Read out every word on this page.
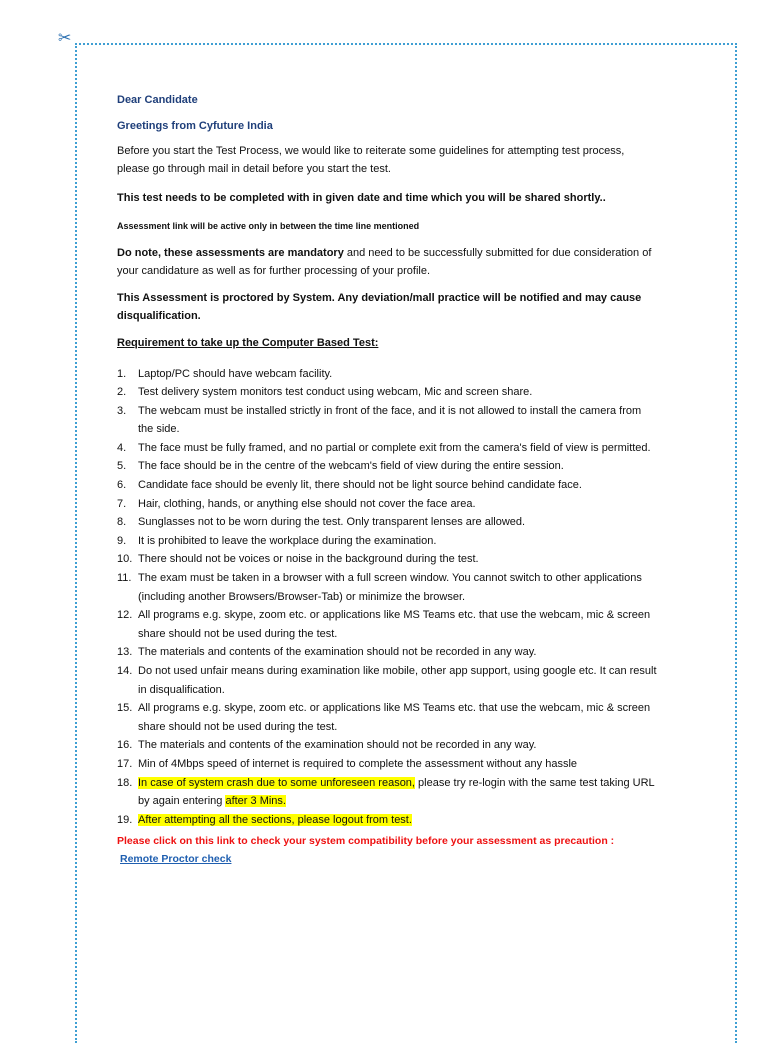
✂

Dear Candidate

Greetings from Cyfuture India

Before you start the Test Process, we would like to reiterate some guidelines for attempting test process, please go through mail in detail before you start the test.

This test needs to be completed with in given date and time which you will be shared shortly..

Assessment link will be active only in between the time line mentioned

Do note, these assessments are mandatory and need to be successfully submitted for due consideration of your candidature as well as for further processing of your profile.

This Assessment is proctored by System. Any deviation/mall practice will be notified and may cause disqualification.

Requirement to take up the Computer Based Test:

1. Laptop/PC should have webcam facility.
2. Test delivery system monitors test conduct using webcam, Mic and screen share.
3. The webcam must be installed strictly in front of the face, and it is not allowed to install the camera from the side.
4. The face must be fully framed, and no partial or complete exit from the camera's field of view is permitted.
5. The face should be in the centre of the webcam's field of view during the entire session.
6. Candidate face should be evenly lit, there should not be light source behind candidate face.
7. Hair, clothing, hands, or anything else should not cover the face area.
8. Sunglasses not to be worn during the test. Only transparent lenses are allowed.
9. It is prohibited to leave the workplace during the examination.
10. There should not be voices or noise in the background during the test.
11. The exam must be taken in a browser with a full screen window. You cannot switch to other applications (including another Browsers/Browser-Tab) or minimize the browser.
12. All programs e.g. skype, zoom etc. or applications like MS Teams etc. that use the webcam, mic & screen share should not be used during the test.
13. The materials and contents of the examination should not be recorded in any way.
14. Do not used unfair means during examination like mobile, other app support, using google etc. It can result in disqualification.
15. All programs e.g. skype, zoom etc. or applications like MS Teams etc. that use the webcam, mic & screen share should not be used during the test.
16. The materials and contents of the examination should not be recorded in any way.
17. Min of 4Mbps speed of internet is required to complete the assessment without any hassle
18. In case of system crash due to some unforeseen reason, please try re-login with the same test taking URL by again entering after 3 Mins.
19. After attempting all the sections, please logout from test.

Please click on this link to check your system compatibility before your assessment as precaution :

Remote Proctor check
